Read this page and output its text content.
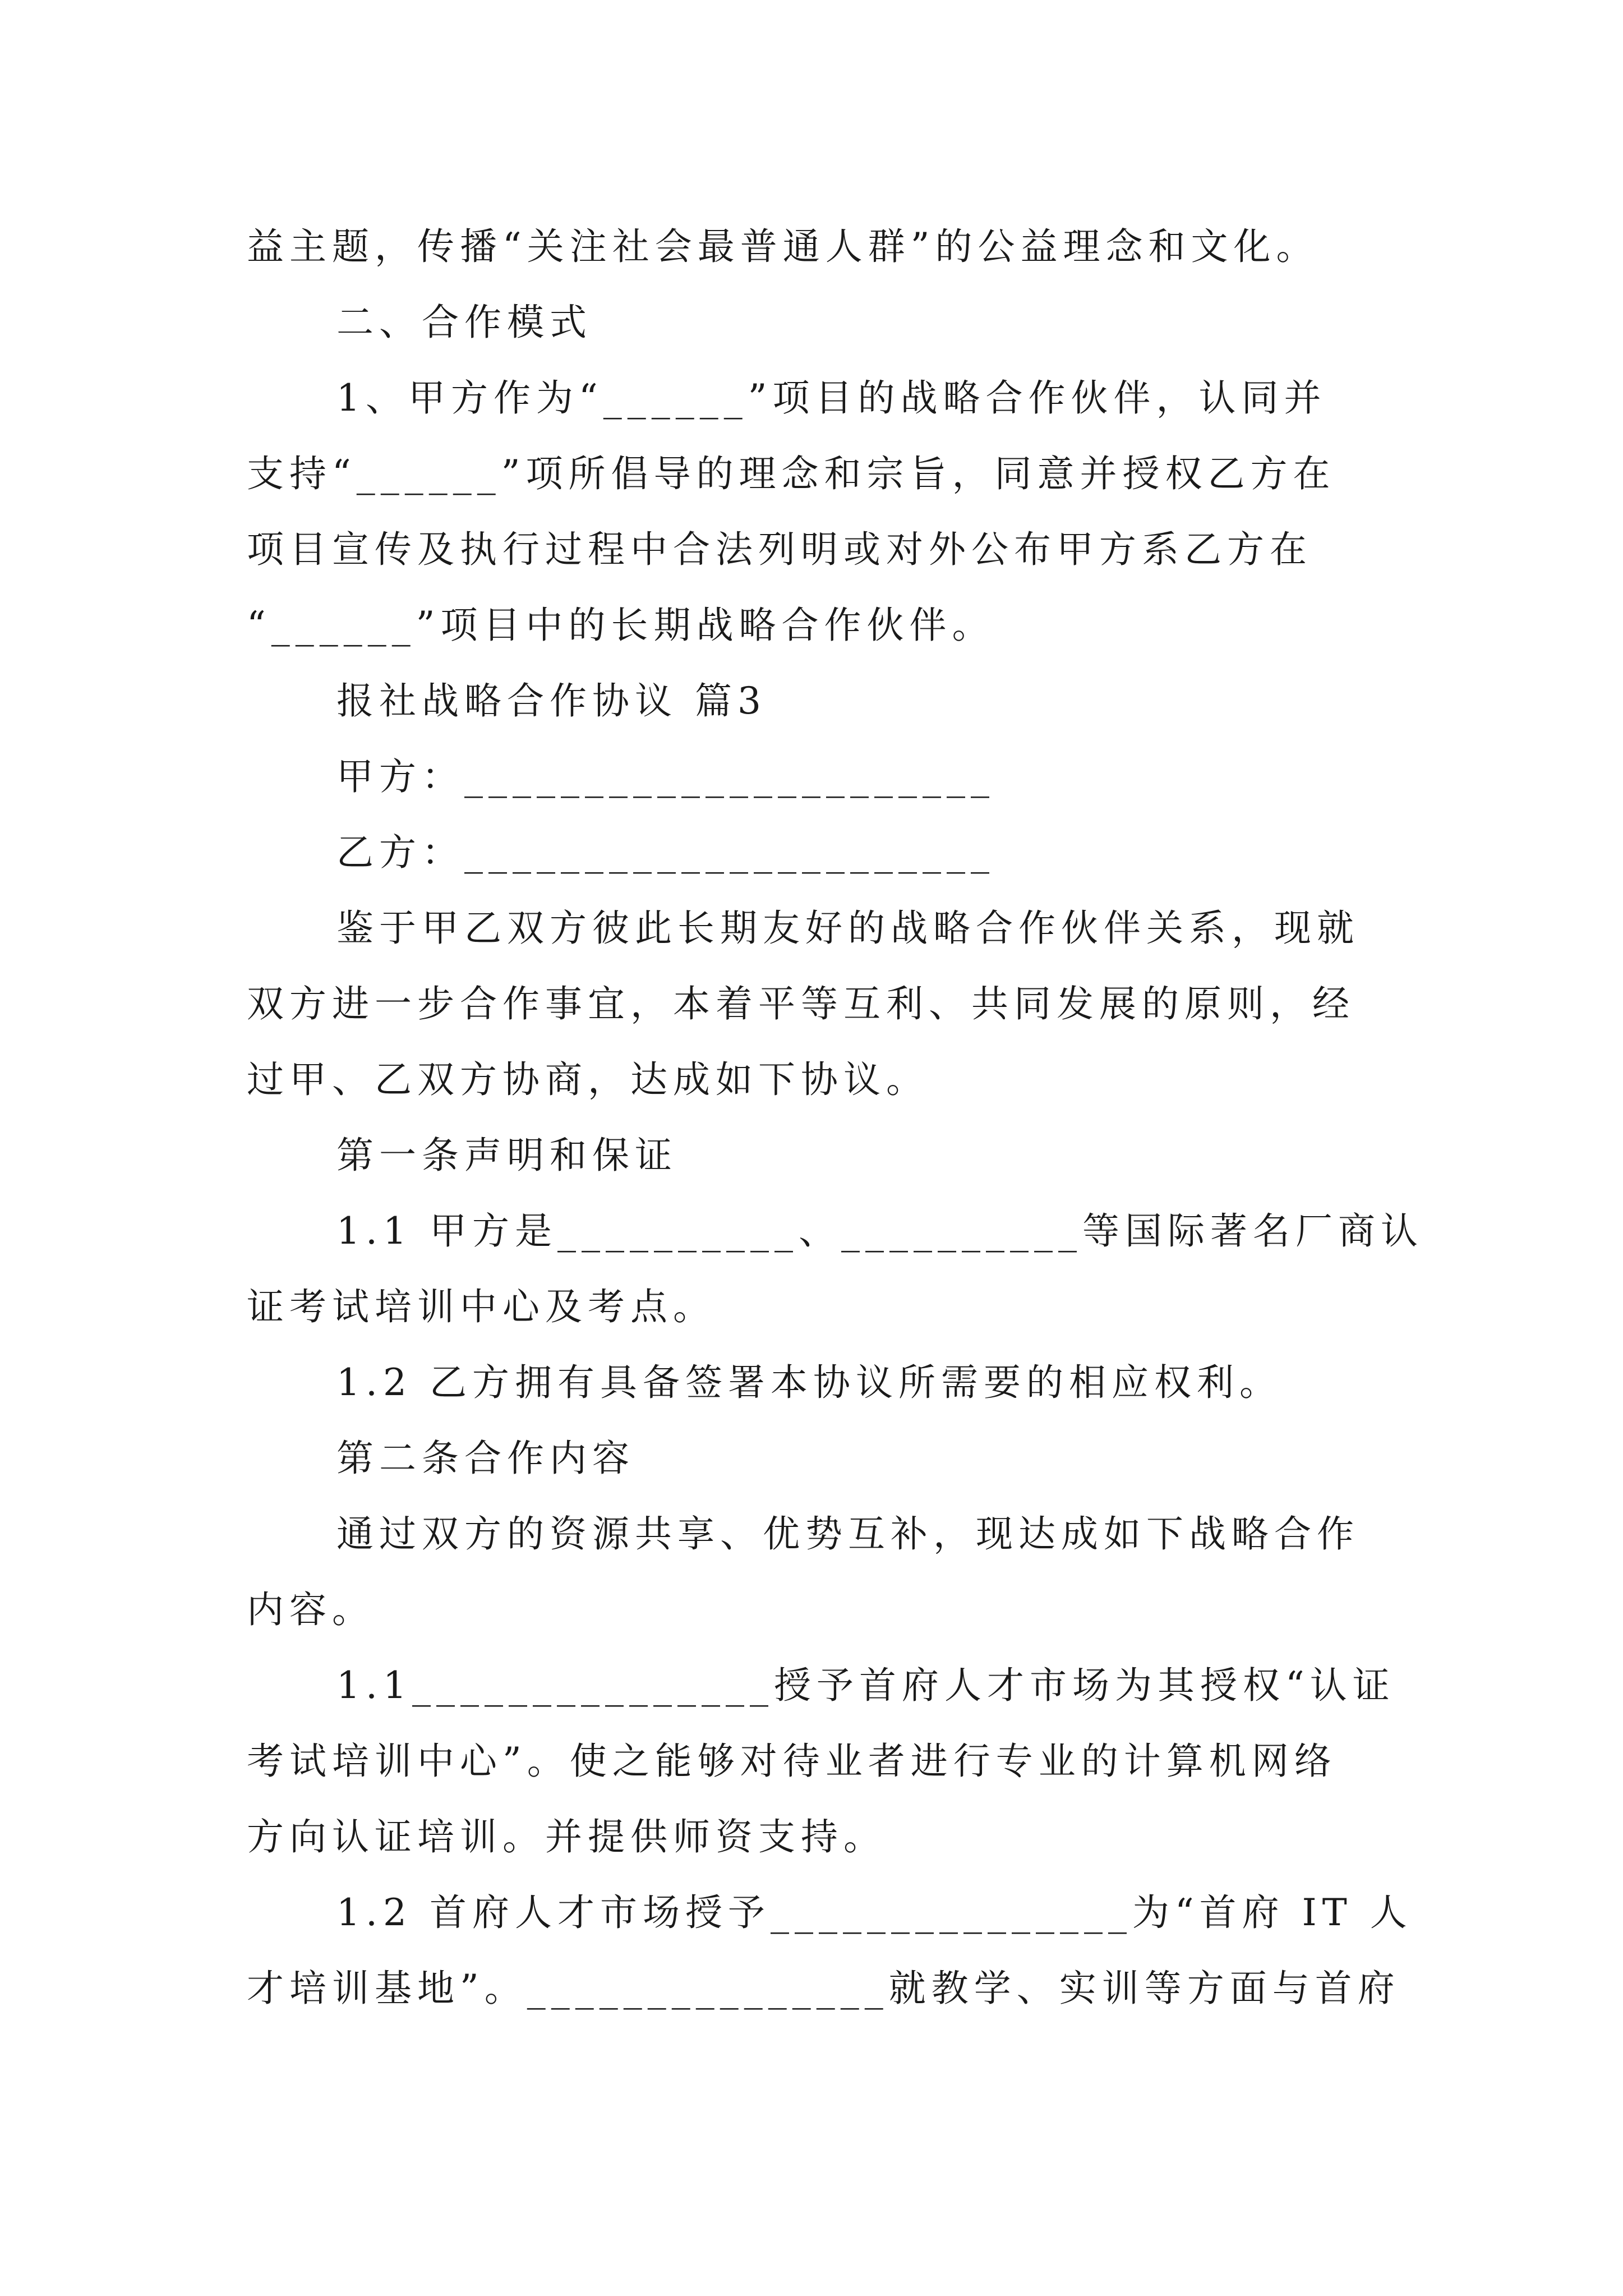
益主题，传播“关注社会最普通人群”的公益理念和文化。
二、合作模式
1、甲方作为“______”项目的战略合作伙伴，认同并
支持“______”项所倡导的理念和宗旨，同意并授权乙方在
项目宣传及执行过程中合法列明或对外公布甲方系乙方在
“______”项目中的长期战略合作伙伴。
报社战略合作协议 篇3
甲方：______________________
乙方：______________________
鉴于甲乙双方彼此长期友好的战略合作伙伴关系，现就
双方进一步合作事宜，本着平等互利、共同发展的原则，经
过甲、乙双方协商，达成如下协议。
第一条声明和保证
1.1 甲方是__________、__________等国际著名厂商认
证考试培训中心及考点。
1.2 乙方拥有具备签署本协议所需要的相应权利。
第二条合作内容
通过双方的资源共享、优势互补，现达成如下战略合作
内容。
1.1_______________授予首府人才市场为其授权“认证
考试培训中心”。使之能够对待业者进行专业的计算机网络
方向认证培训。并提供师资支持。
1.2 首府人才市场授予_______________为“首府 IT 人
才培训基地”。_______________就教学、实训等方面与首府
